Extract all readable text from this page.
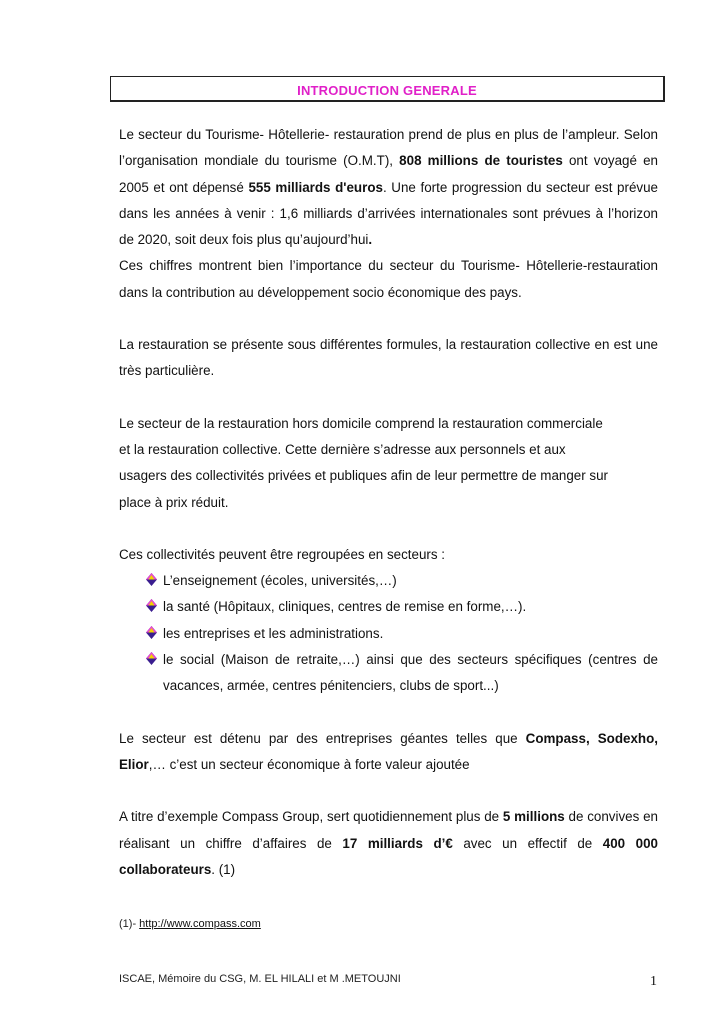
INTRODUCTION GENERALE

Le secteur du Tourisme- Hôtellerie- restauration prend de plus en plus de l’ampleur. Selon l’organisation mondiale du tourisme (O.M.T), 808 millions de touristes ont voyagé en 2005 et ont dépensé 555 milliards d'euros. Une forte progression du secteur est prévue dans les années à venir : 1,6 milliards d’arrivées internationales sont prévues à l’horizon de 2020, soit deux fois plus qu’aujourd’hui.

Ces chiffres montrent bien l’importance du secteur du Tourisme- Hôtellerie-restauration dans la contribution au développement socio économique des pays.

La restauration se présente sous différentes formules, la restauration collective en est une très particulière.

Le secteur de la restauration hors domicile comprend la restauration commerciale
et la restauration collective. Cette dernière s’adresse aux personnels et aux
usagers des collectivités privées et publiques afin de leur permettre de manger sur
place à prix réduit.

Ces collectivités peuvent être regroupées en secteurs :

L’enseignement (écoles, universités,…)
la santé (Hôpitaux, cliniques, centres de remise en forme,…).
les entreprises et les administrations.
le social (Maison de retraite,…) ainsi que des secteurs spécifiques (centres de vacances, armée, centres pénitenciers, clubs de sport...)

Le secteur est détenu par des entreprises géantes telles que Compass, Sodexho, Elior,… c’est un secteur économique à forte valeur ajoutée

A titre d’exemple Compass Group, sert quotidiennement plus de 5 millions de convives en réalisant un chiffre d’affaires de 17 milliards d’€ avec un effectif de 400 000 collaborateurs. (1)

(1)- http://www.compass.com
ISCAE, Mémoire du CSG, M. EL HILALI et M .METOUJNI	1
